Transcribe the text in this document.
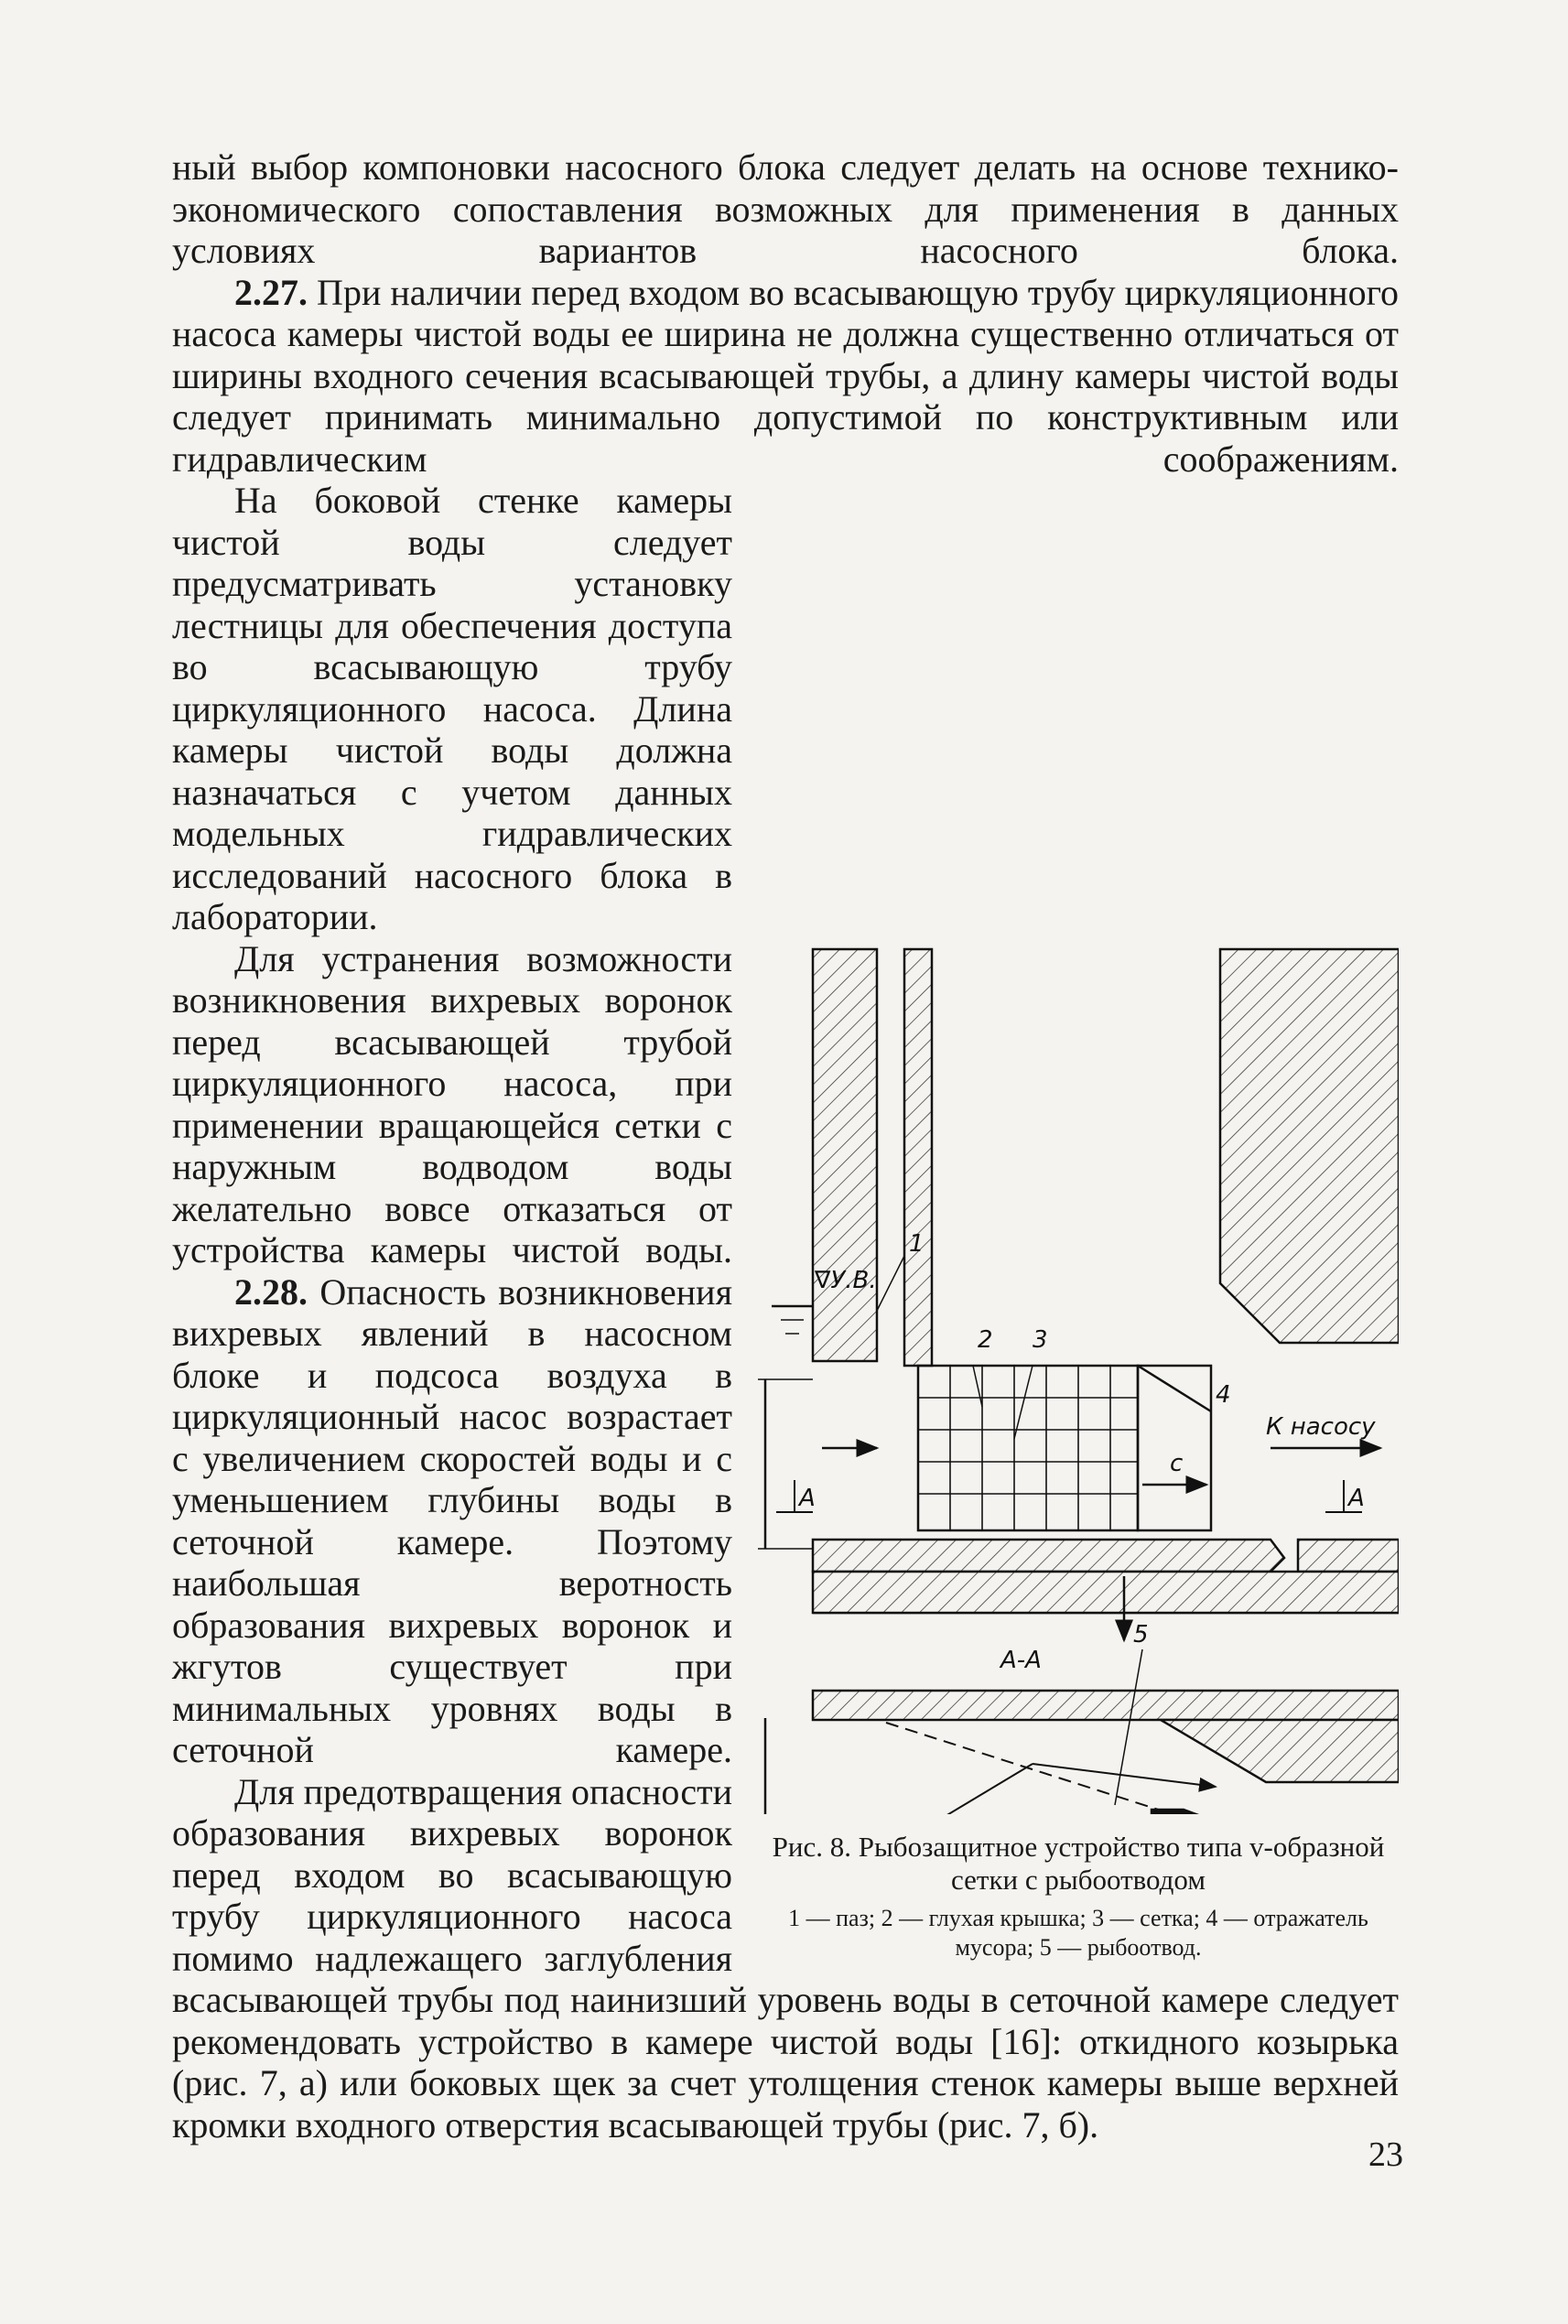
ный выбор компоновки насосного блока следует делать на основе технико-экономического сопоставления возможных для применения в данных условиях вариантов насосного блока.

2.27. При наличии перед входом во всасывающую трубу циркуляционного насоса камеры чистой воды ее ширина не должна существенно отличаться от ширины входного сечения всасывающей трубы, а длину камеры чистой воды следует принимать минимально допустимой по конструктивным или гидравлическим соображениям.

∇У.В.
1
2 3
4
К насосу
с
А	А
А-А
5
Рис. 8. Рыбозащитное устройство типа v-образной сетки с рыбоотводом
1 — паз; 2 — глухая крышка; 3 — сетка; 4 — отражатель мусора; 5 — рыбоотвод.

На боковой стенке камеры чистой воды следует предусматривать установку лестницы для обеспечения доступа во всасывающую трубу циркуляционного насоса. Длина камеры чистой воды должна назначаться с учетом данных модельных гидравлических исследований насосного блока в лаборатории.

Для устранения возможности возникновения вихревых воронок перед всасывающей трубой циркуляционного насоса, при применении вращающейся сетки с наружным водводом воды желательно вовсе отказаться от устройства камеры чистой воды.

2.28. Опасность возникновения вихревых явлений в насосном блоке и подсоса воздуха в циркуляционный насос возрастает с увеличением скоростей воды и с уменьшением глубины воды в сеточной камере. Поэтому наибольшая веротность образования вихревых воронок и жгутов существует при минимальных уровнях воды в сеточной камере.

Для предотвращения опасности образования вихревых воронок перед входом во всасывающую трубу циркуляционного насоса помимо надлежащего заглубления всасывающей трубы под наинизший уровень воды в сеточной камере следует рекомендовать устройство в камере чистой воды [16]: откидного козырька (рис. 7, а) или боковых щек за счет утолщения стенок камеры выше верхней кромки входного отверстия всасывающей трубы (рис. 7, б).

23
